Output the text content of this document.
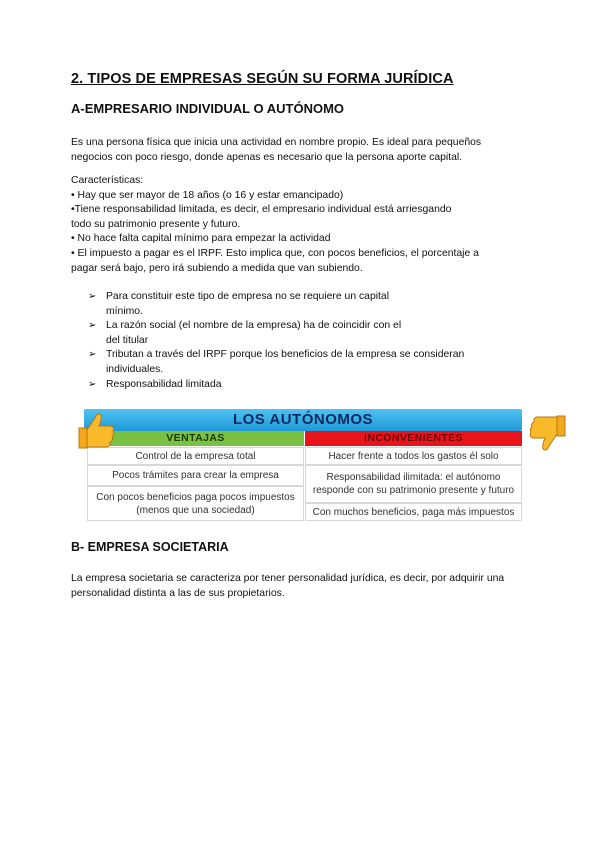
2. TIPOS DE EMPRESAS SEGÚN SU FORMA JURÍDICA
A-EMPRESARIO INDIVIDUAL O AUTÓNOMO
Es una persona física que inicia una actividad en nombre propio. Es ideal para pequeños
negocios con poco riesgo, donde apenas es necesario que la persona aporte capital.
Características:
• Hay que ser mayor de 18 años (o 16 y estar emancipado)
•Tiene responsabilidad limitada, es decir, el empresario individual está arriesgando
todo su patrimonio presente y futuro.
• No hace falta capital mínimo para empezar la actividad
• El impuesto a pagar es el IRPF. Esto implica que, con pocos beneficios, el porcentaje a
pagar será bajo, pero irá subiendo a medida que van subiendo.
➢ Para constituir este tipo de empresa no se requiere un capital
mínimo.
➢ La razón social (el nombre de la empresa) ha de coincidir con el
del titular
➢ Tributan a través del IRPF porque los beneficios de la empresa se consideran
individuales.
➢ Responsabilidad limitada
LOS AUTÓNOMOS
VENTAJAS	INCONVENIENTES
Control de la empresa total
Pocos trámites para crear la empresa
Con pocos beneficios paga pocos impuestos (menos que una sociedad)
Hacer frente a todos los gastos él solo
Responsabilidad ilimitada: el autónomo responde con su patrimonio presente y futuro
Con muchos beneficios, paga más impuestos
B- EMPRESA SOCIETARIA
La empresa societaria se caracteriza por tener personalidad jurídica, es decir, por adquirir una
personalidad distinta a las de sus propietarios.
